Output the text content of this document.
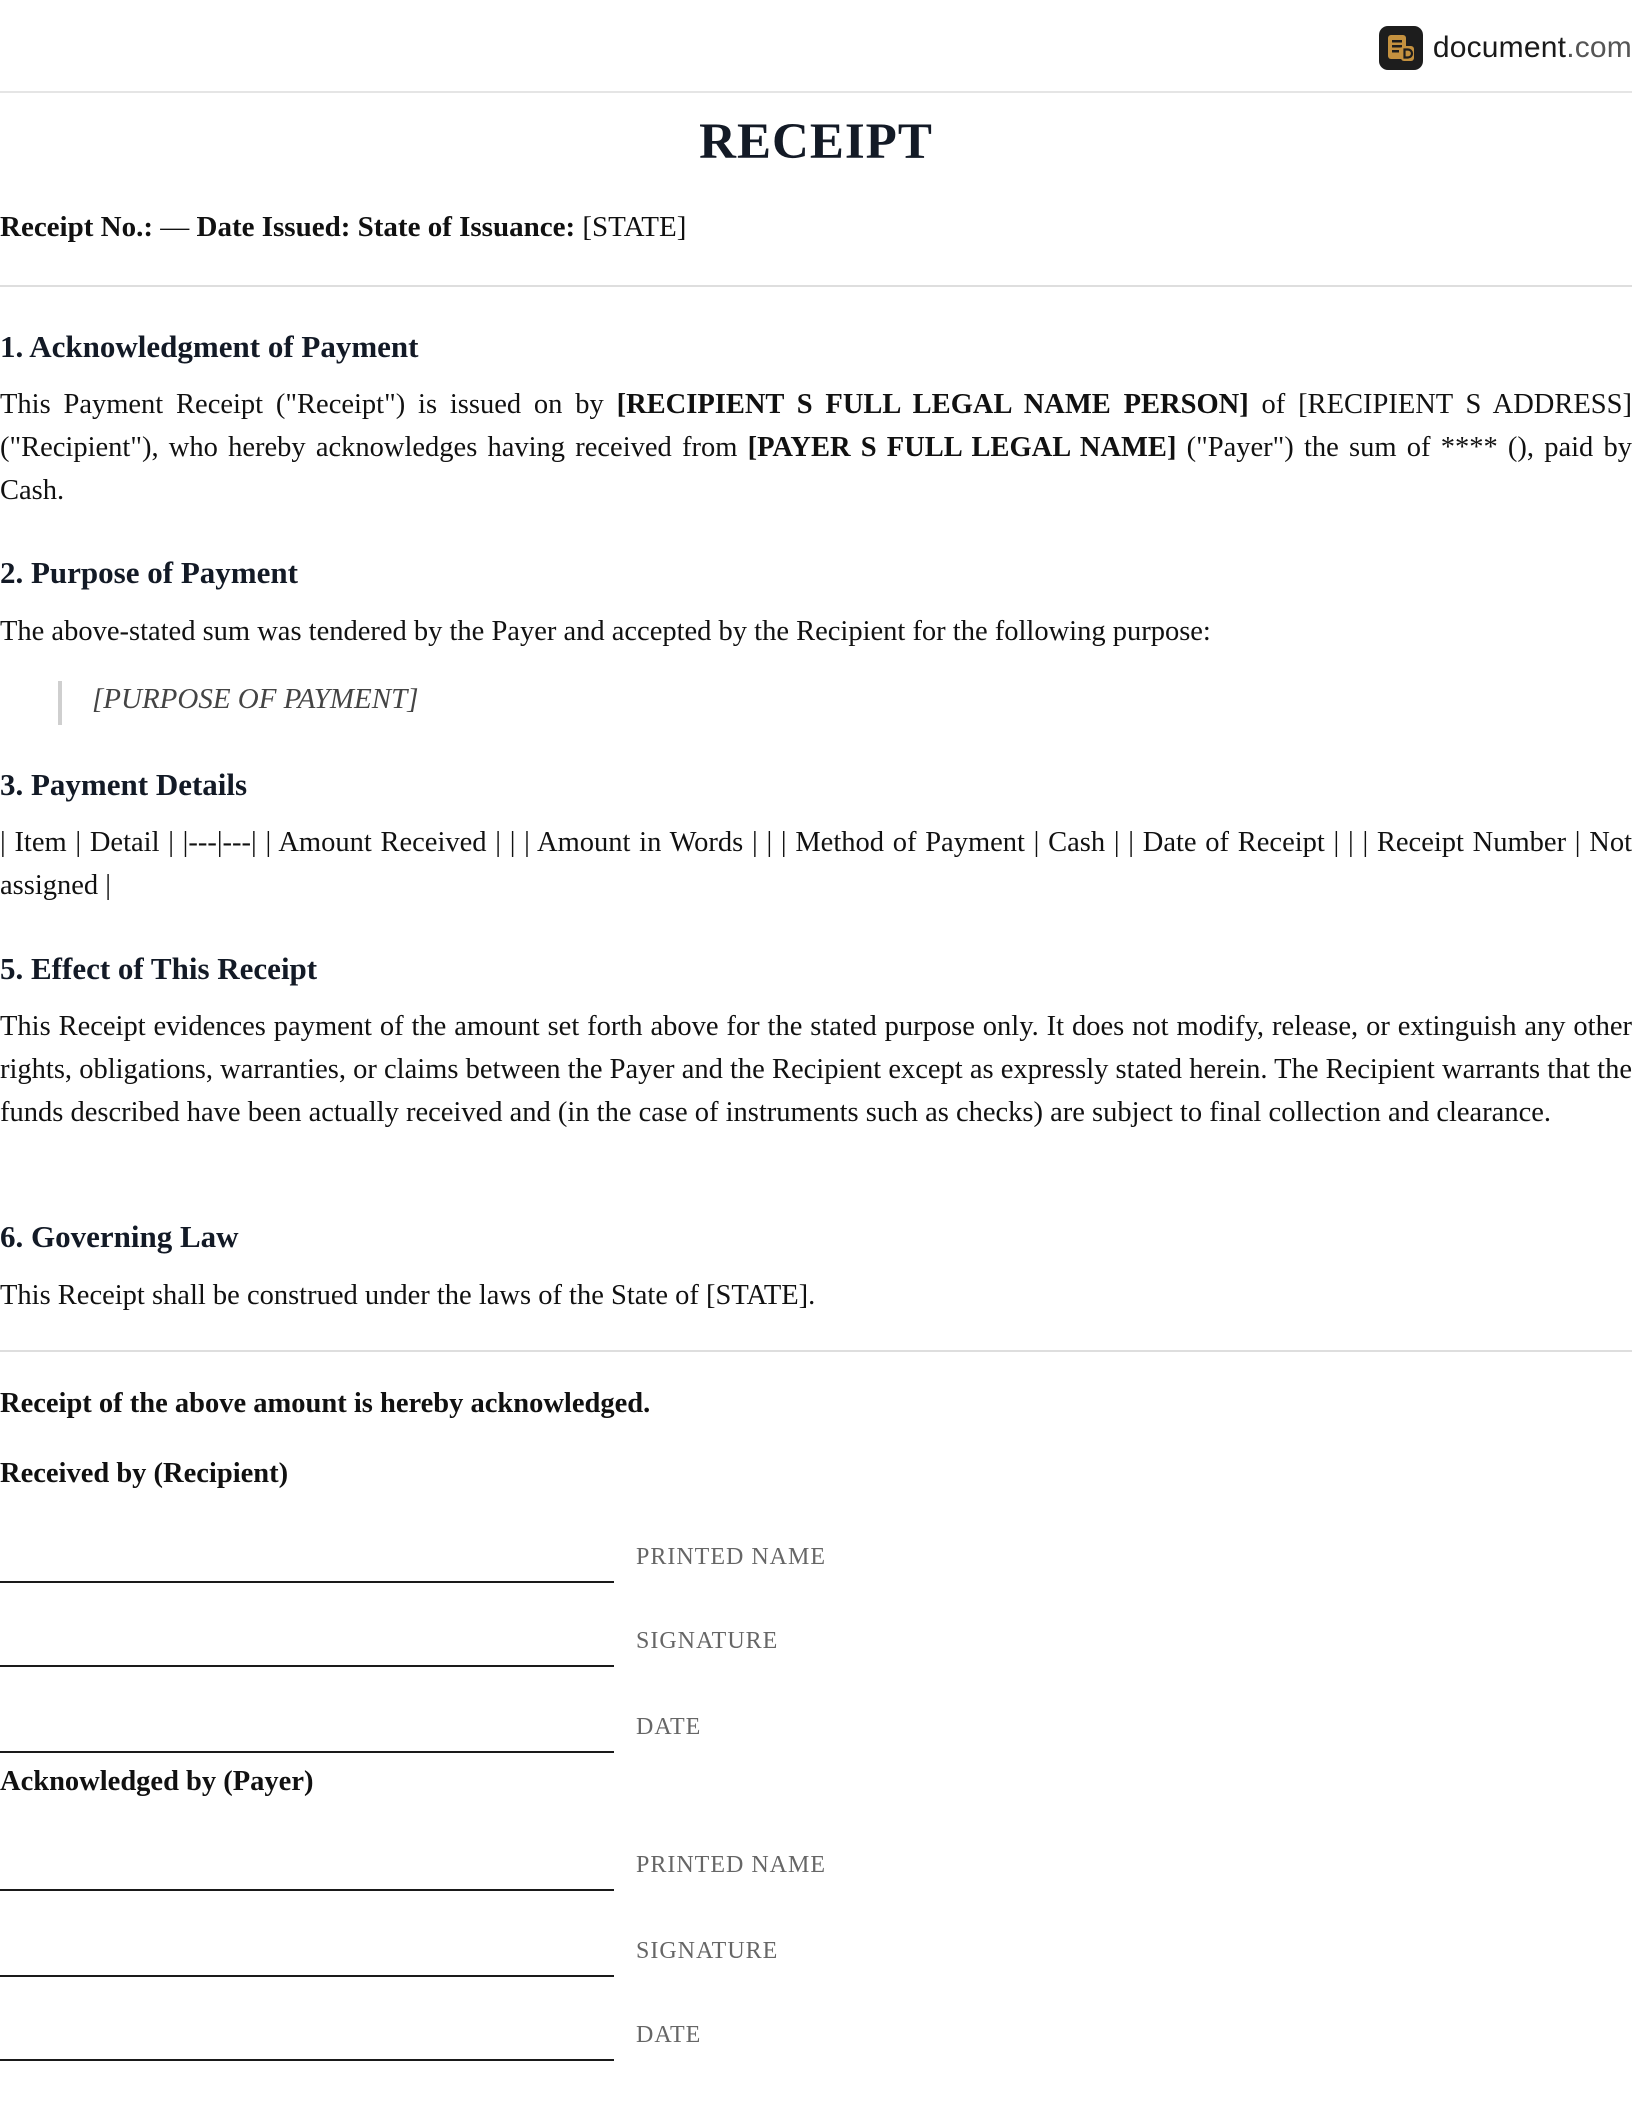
document.com
RECEIPT
Receipt No.: — Date Issued: State of Issuance: [STATE]
1. Acknowledgment of Payment

This Payment Receipt ("Receipt") is issued on by [RECIPIENT S FULL LEGAL NAME PERSON] of [RECIPIENT S ADDRESS] ("Recipient"), who hereby acknowledges having received from [PAYER S FULL LEGAL NAME] ("Payer") the sum of **** (), paid by Cash.

2. Purpose of Payment

The above-stated sum was tendered by the Payer and accepted by the Recipient for the following purpose:

[PURPOSE OF PAYMENT]
3. Payment Details

| Item | Detail | |---|---| | Amount Received | | | Amount in Words | | | Method of Payment | Cash | | Date of Receipt | | | Receipt Number | Not assigned |

5. Effect of This Receipt

This Receipt evidences payment of the amount set forth above for the stated purpose only. It does not modify, release, or extinguish any other rights, obligations, warranties, or claims between the Payer and the Recipient except as expressly stated herein. The Recipient warrants that the funds described have been actually received and (in the case of instruments such as checks) are subject to final collection and clearance.

6. Governing Law

This Receipt shall be construed under the laws of the State of [STATE].

Receipt of the above amount is hereby acknowledged.
Received by (Recipient)
PRINTED NAME
SIGNATURE
DATE
Acknowledged by (Payer)
PRINTED NAME
SIGNATURE
DATE
